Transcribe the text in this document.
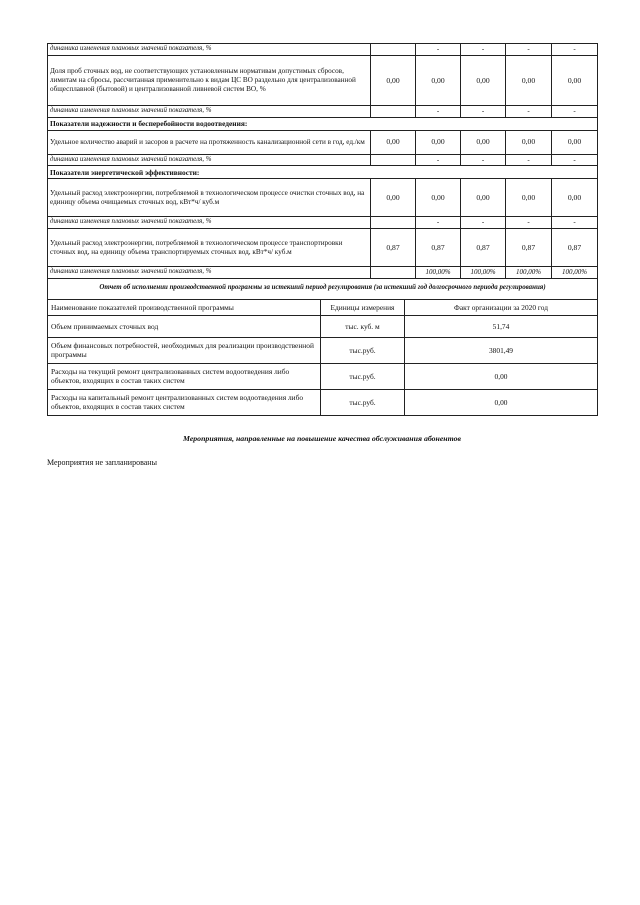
динамика изменения плановых значений показателя, %		-	-	-	-
Доля проб сточных вод, не соответствующих установленным нормативам допустимых сбросов, лимитам на сбросы, рассчитанная применительно к видам ЦС ВО раздельно для централизованной общесплавной (бытовой) и централизованной ливневой систем ВО, %	0,00	0,00	0,00	0,00	0,00
динамика изменения плановых значений показателя, %		-	-	-	-
Показатели надежности и бесперебойности водоотведения:					
Удельное количество аварий и засоров в расчете на протяженность канализационной сети в год, ед./км	0,00	0,00	0,00	0,00	0,00
динамика изменения плановых значений показателя, %		-	-	-	-
Показатели энергетической эффективности:					
Удельный расход электроэнергии, потребляемой в технологическом процессе очистки сточных вод, на единицу объема очищаемых сточных вод, кВт*ч/ куб.м	0,00	0,00	0,00	0,00	0,00
динамика изменения плановых значений показателя, %		-	-	-	-
Удельный расход электроэнергии, потребляемой в технологическом процессе транспортировки сточных вод, на единицу объема транспортируемых сточных вод, кВт*ч/ куб.м	0,87	0,87	0,87	0,87	0,87
динамика изменения плановых значений показателя, %		100,00%	100,00%	100,00%	100,00%
Отчет об исполнении производственной программы за истекший период регулирования (за истекший год долгосрочного периода регулирования)					
Наименование показателей производственной программы	Единицы измерения	Факт организации за 2020 год
Объем принимаемых сточных вод	тыс. куб. м	51,74
Объем финансовых потребностей, необходимых для реализации производственной программы	тыс.руб.	3801,49
Расходы на текущий ремонт централизованных систем водоотведения либо объектов, входящих в состав таких систем	тыс.руб.	0,00
Расходы на капитальный ремонт централизованных систем водоотведения либо объектов, входящих в состав таких систем	тыс.руб.	0,00
Мероприятия, направленные на повышение качества обслуживания абонентов
Мероприятия не запланированы
